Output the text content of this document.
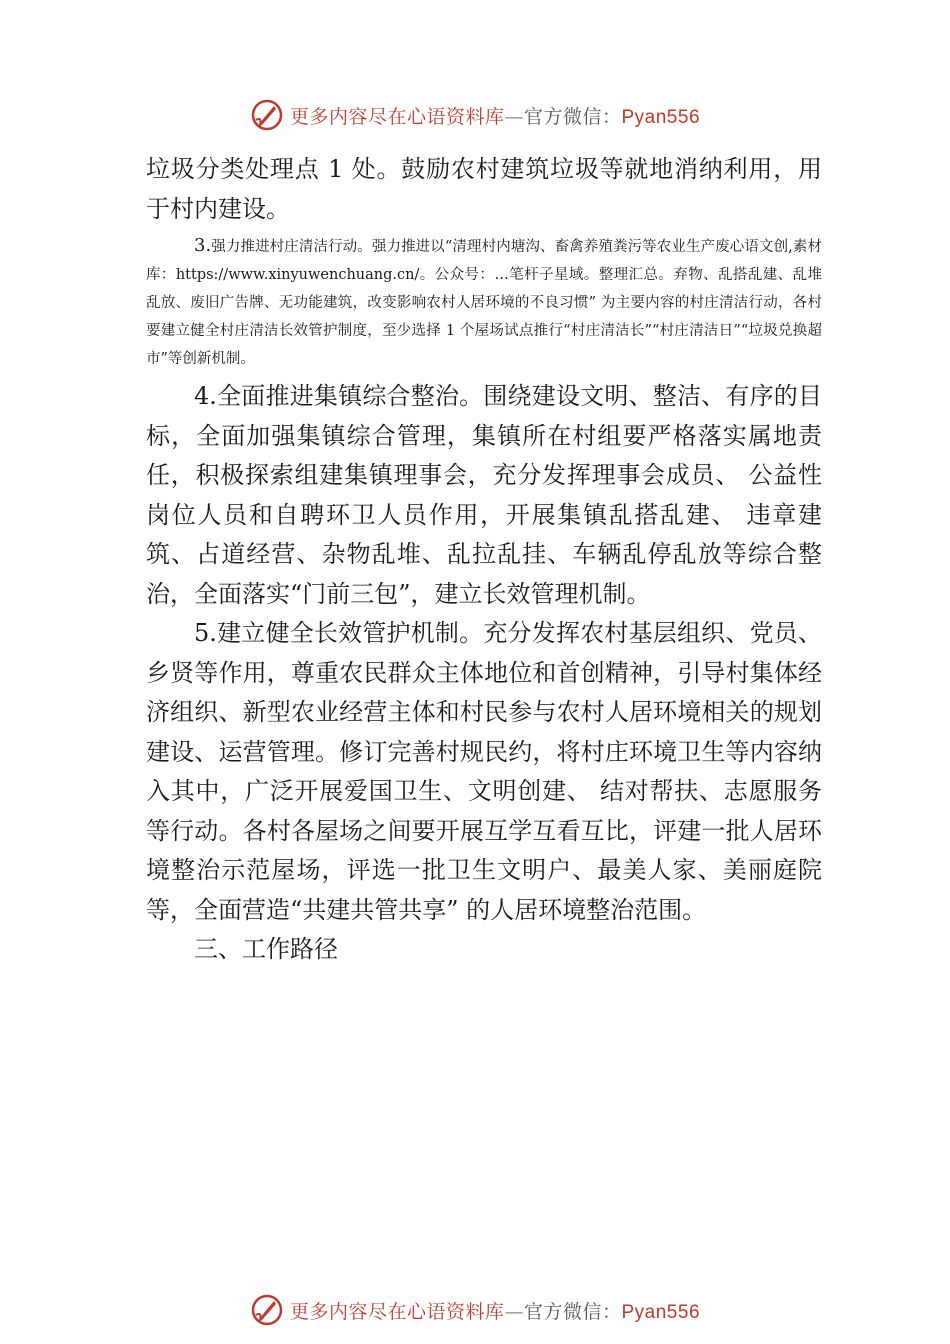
更多内容尽在心语资料库—官方微信：Pyan556

垃圾分类处理点 1 处。鼓励农村建筑垃圾等就地消纳利用，用于村内建设。

3.强力推进村庄清洁行动。强力推进以“清理村内塘沟、畜禽养殖粪污等农业生产废心语文创,素材库：https://www.xinyuwenchuang.cn/。公众号：…笔杆子星域。整理汇总。弃物、乱搭乱建、乱堆乱放、废旧广告牌、无功能建筑，改变影响农村人居环境的不良习惯” 为主要内容的村庄清洁行动，各村要建立健全村庄清洁长效管护制度，至少选择 1 个屋场试点推行“村庄清洁长”“村庄清洁日”“垃圾兑换超市”等创新机制。

4.全面推进集镇综合整治。围绕建设文明、整洁、有序的目标，全面加强集镇综合管理，集镇所在村组要严格落实属地责任，积极探索组建集镇理事会，充分发挥理事会成员、 公益性岗位人员和自聘环卫人员作用，开展集镇乱搭乱建、 违章建筑、占道经营、杂物乱堆、乱拉乱挂、车辆乱停乱放等综合整治，全面落实“门前三包”，建立长效管理机制。

5.建立健全长效管护机制。充分发挥农村基层组织、党员、乡贤等作用，尊重农民群众主体地位和首创精神，引导村集体经济组织、新型农业经营主体和村民参与农村人居环境相关的规划建设、运营管理。修订完善村规民约，将村庄环境卫生等内容纳入其中，广泛开展爱国卫生、文明创建、 结对帮扶、志愿服务等行动。各村各屋场之间要开展互学互看互比，评建一批人居环境整治示范屋场，评选一批卫生文明户、最美人家、美丽庭院等，全面营造“共建共管共享” 的人居环境整治范围。

三、工作路径

更多内容尽在心语资料库—官方微信：Pyan556
